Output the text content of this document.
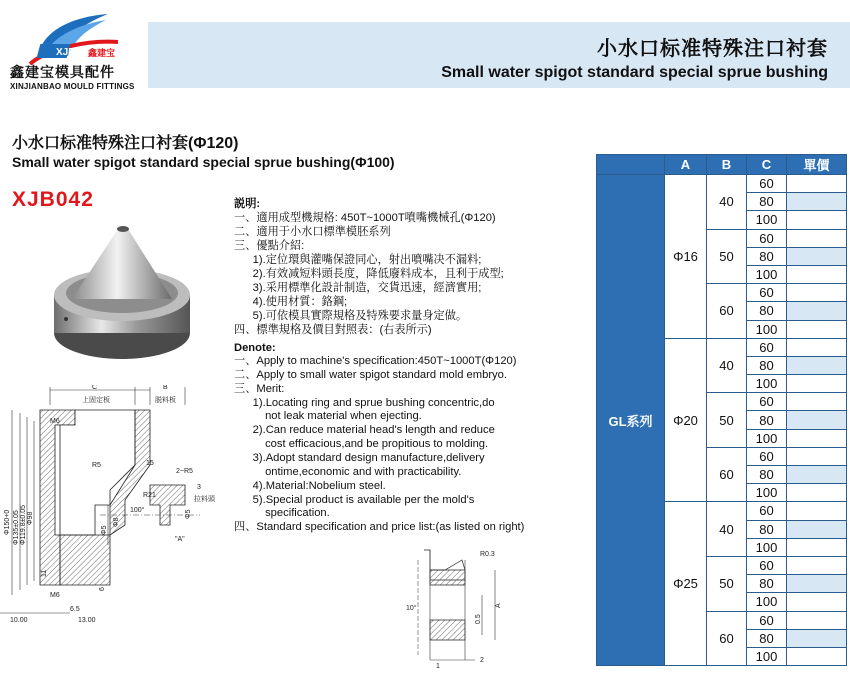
XJB 鑫建宝
鑫建宝模具配件
XINJIANBAO MOULD FITTINGS
小水口标准特殊注口衬套
Small water spigot standard special sprue bushing
小水口标准特殊注口衬套(Φ120)
Small water spigot standard special sprue bushing(Φ100)
XJB042	説明:
一、適用成型機規格: 450T~1000T噴嘴機械孔(Φ120)
二、適用于小水口標準模胚系列
三、優點介紹:
1).定位環與灌嘴保證同心，射出噴嘴决不漏料;
2).有效减短料頭長度，降低廢料成本，且利于成型;
3).采用標準化設計制造，交貨迅速，經濟實用;
4).使用材質：鉻鋼;
5).可依模具實際規格及特殊要求量身定做。
四、標準規格及價目對照表：(右表所示)
Denote:
一、Apply to machine's specification:450T~1000T(Φ120)
二、Apply to small water spigot standard mold embryo.
三、Merit:
1).Locating ring and sprue bushing concentric,do
not leak material when ejecting.
2).Can reduce material head's length and reduce
cost efficacious,and be propitious to molding.
3).Adopt standard design manufacture,delivery
ontime,economic and with practicability.
4).Material:Nobelium steel.
5).Special product is available per the mold's
specification.
四、Standard specification and price list:(as listed on right)
C	B
上固定板	脱料板
M6
R5	15
2~R5
R21
3
拉料頭
"A"
100°
Φ150+0 Φ135±0.05 Φ119.8±0.05 Φ98
Φ5
Φ8
Φ5
11
6.5
M6
6
10.00	13.00
R0.3
10°	A
0.5
1
2
	A	B	C	單價
GL系列	Φ16	40	60	
			80	
			100	
		50	60	
			80	
			100	
		60	60	
			80	
			100	
	Φ20	40	60	
			80	
			100	
		50	60	
			80	
			100	
		60	60	
			80	
			100	
	Φ25	40	60	
			80	
			100	
		50	60	
			80	
			100	
		60	60	
			80	
			100	
